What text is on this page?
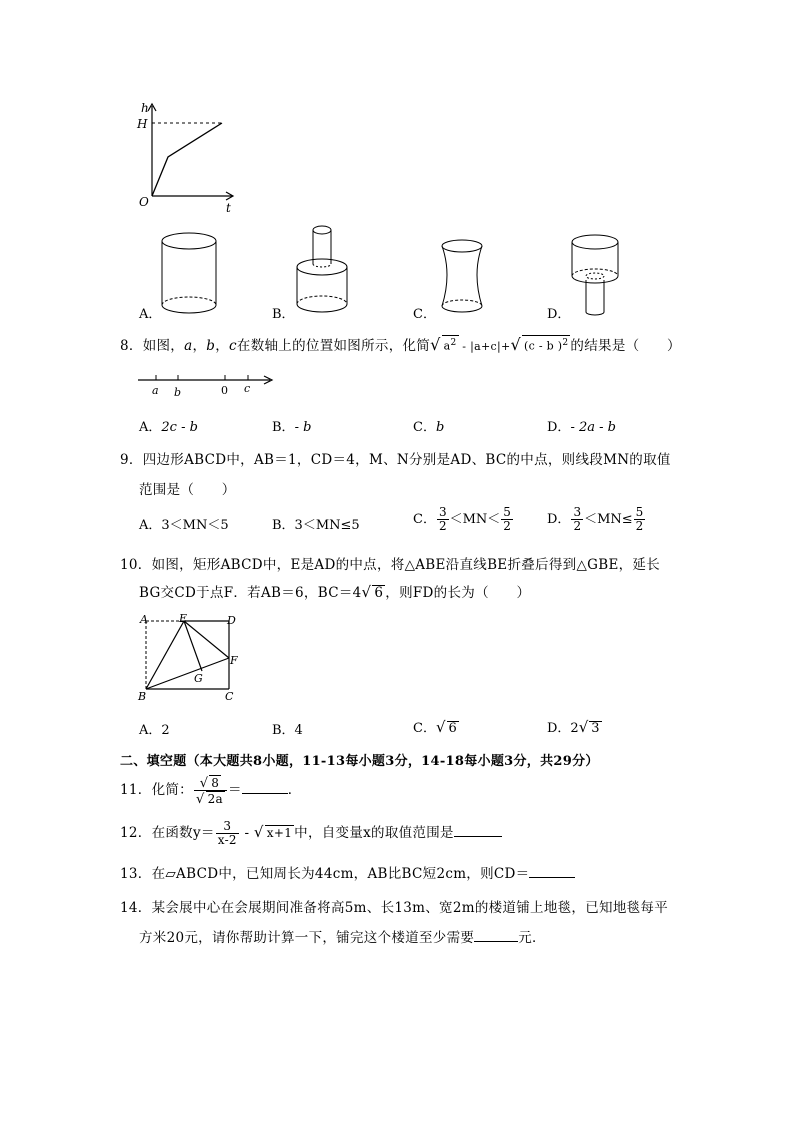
h
H
O	t
A．	B．	C．	D．
8．如图，a，b，c在数轴上的位置如图所示，化简√ $a^2 - |a+c|+√$ (c - b )$^2$ 的结果是（　　）
a b	0 c
A．2c - b	B．- b	C．b	D．- 2a - b
9．四边形ABCD中，AB＝1，CD＝4，M、N分别是AD、BC的中点，则线段MN的取值
范围是（　　）
A．3＜MN＜5	B．3＜MN≤5	C． $\frac{3}{2} <MN< \frac{5}{2}$	D． $\frac{3}{2} <MN\le \frac{5}{2}$
10．如图，矩形ABCD中，E是AD的中点，将△ABE沿直线BE折叠后得到△GBE，延长
BG交CD于点F．若AB＝6，BC＝4√ 6 ，则FD的长为（　　）
A	E	D
F
G
B	C
A．2	B．4	C．√ 6	D．2√ 3
二、填空题（本大题共8小题，11-13每小题3分，14-18每小题3分，共29分）
11．化简： $\frac{√ 8}{√ 2a}$ ＝	．
12．在函数$y= \frac{3}{x-2}$ - √ x+1 中，自变量x的取值范围是
13．在▱ABCD中，已知周长为44cm，AB比BC短2cm，则CD＝
14．某会展中心在会展期间准备将高5m、长13m、宽2m的楼道铺上地毯，已知地毯每平
方米20元，请你帮助计算一下，铺完这个楼道至少需要	元．
